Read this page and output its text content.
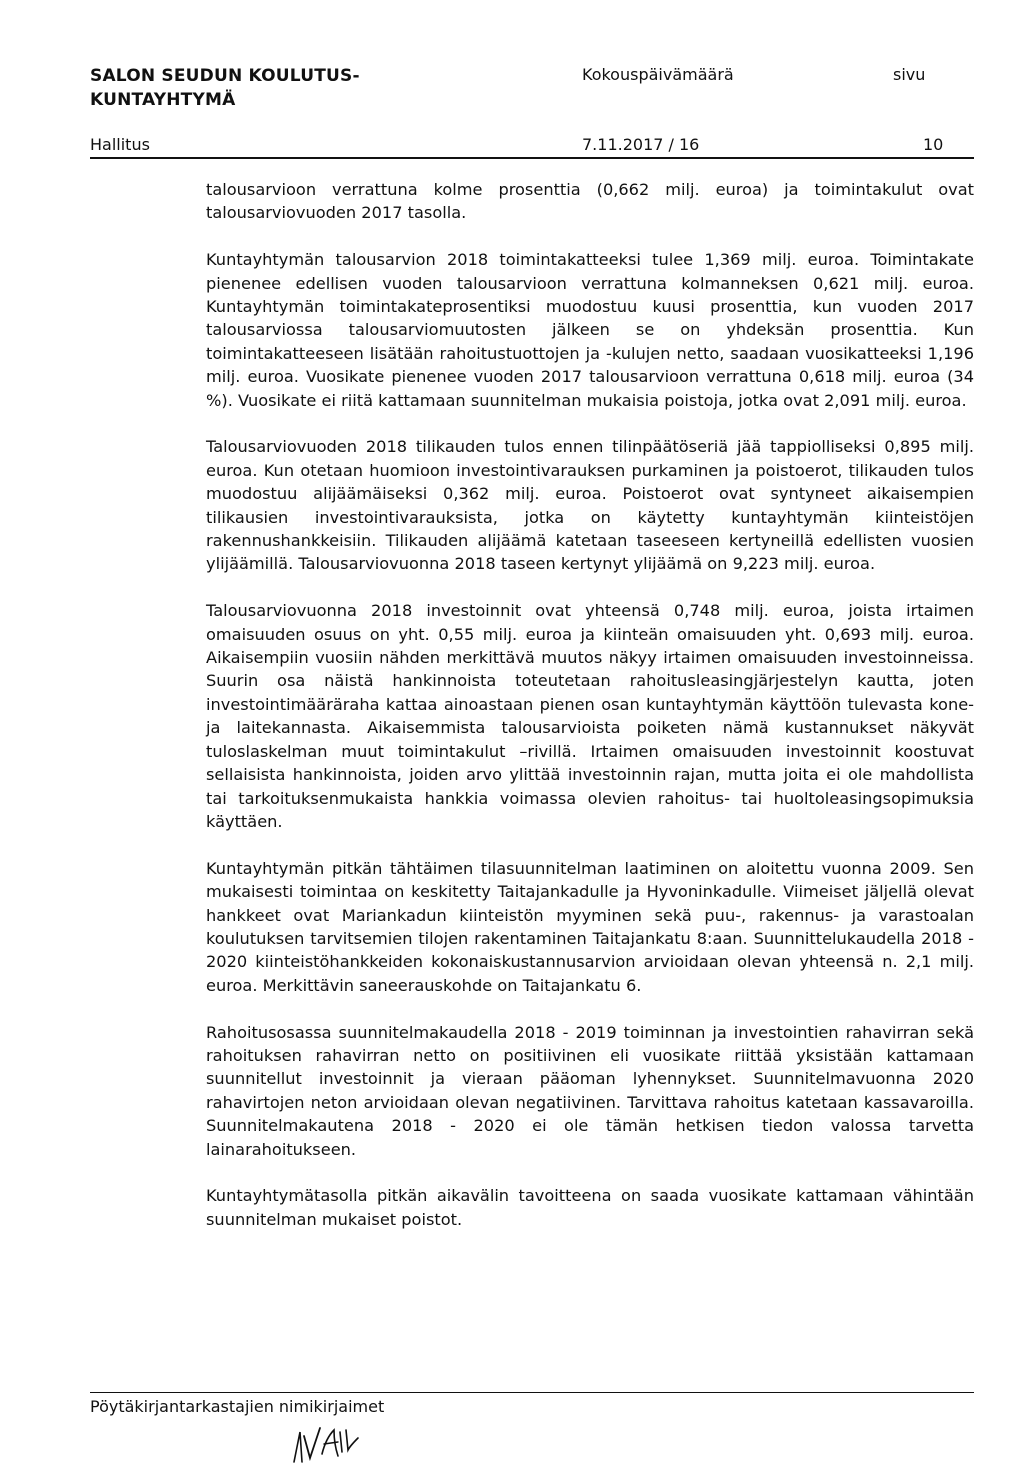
SALON SEUDUN KOULUTUS-
KUNTAYHTYMÄ
Kokouspäivämäärä	sivu
Hallitus	7.11.2017 / 16	10

talousarvioon verrattuna kolme prosenttia (0,662 milj. euroa) ja toimintakulut ovat talousarviovuoden 2017 tasolla.

Kuntayhtymän talousarvion 2018 toimintakatteeksi tulee 1,369 milj. euroa. Toimintakate pienenee edellisen vuoden talousarvioon verrattuna kolmanneksen 0,621 milj. euroa. Kuntayhtymän toimintakateprosentiksi muodostuu kuusi prosenttia, kun vuoden 2017 talousarviossa talousarviomuutosten jälkeen se on yhdeksän prosenttia. Kun toimintakatteeseen lisätään rahoitustuottojen ja -kulujen netto, saadaan vuosikatteeksi 1,196 milj. euroa. Vuosikate pienenee vuoden 2017 talousarvioon verrattuna 0,618 milj. euroa (34 %). Vuosikate ei riitä kattamaan suunnitelman mukaisia poistoja, jotka ovat 2,091 milj. euroa.

Talousarviovuoden 2018 tilikauden tulos ennen tilinpäätöseriä jää tappiolliseksi 0,895 milj. euroa. Kun otetaan huomioon investointivarauksen purkaminen ja poistoerot, tilikauden tulos muodostuu alijäämäiseksi 0,362 milj. euroa. Poistoerot ovat syntyneet aikaisempien tilikausien investointivarauksista, jotka on käytetty kuntayhtymän kiinteistöjen rakennushankkeisiin. Tilikauden alijäämä katetaan taseeseen kertyneillä edellisten vuosien ylijäämillä. Talousarviovuonna 2018 taseen kertynyt ylijäämä on 9,223 milj. euroa.

Talousarviovuonna 2018 investoinnit ovat yhteensä 0,748 milj. euroa, joista irtaimen omaisuuden osuus on yht. 0,55 milj. euroa ja kiinteän omaisuuden yht. 0,693 milj. euroa. Aikaisempiin vuosiin nähden merkittävä muutos näkyy irtaimen omaisuuden investoinneissa. Suurin osa näistä hankinnoista toteutetaan rahoitusleasingjärjestelyn kautta, joten investointimääräraha kattaa ainoastaan pienen osan kuntayhtymän käyttöön tulevasta kone- ja laitekannasta. Aikaisemmista talousarvioista poiketen nämä kustannukset näkyvät tuloslaskelman muut toimintakulut –rivillä. Irtaimen omaisuuden investoinnit koostuvat sellaisista hankinnoista, joiden arvo ylittää investoinnin rajan, mutta joita ei ole mahdollista tai tarkoituksenmukaista hankkia voimassa olevien rahoitus- tai huoltoleasingsopimuksia käyttäen.

Kuntayhtymän pitkän tähtäimen tilasuunnitelman laatiminen on aloitettu vuonna 2009. Sen mukaisesti toimintaa on keskitetty Taitajankadulle ja Hyvoninkadulle. Viimeiset jäljellä olevat hankkeet ovat Mariankadun kiinteistön myyminen sekä puu-, rakennus- ja varastoalan koulutuksen tarvitsemien tilojen rakentaminen Taitajankatu 8:aan. Suunnittelukaudella 2018 - 2020 kiinteistöhankkeiden kokonaiskustannusarvion arvioidaan olevan yhteensä n. 2,1 milj. euroa. Merkittävin saneerauskohde on Taitajankatu 6.

Rahoitusosassa suunnitelmakaudella 2018 - 2019 toiminnan ja investointien rahavirran sekä rahoituksen rahavirran netto on positiivinen eli vuosikate riittää yksistään kattamaan suunnitellut investoinnit ja vieraan pääoman lyhennykset. Suunnitelmavuonna 2020 rahavirtojen neton arvioidaan olevan negatiivinen. Tarvittava rahoitus katetaan kassavaroilla. Suunnitelmakautena 2018 - 2020 ei ole tämän hetkisen tiedon valossa tarvetta lainarahoitukseen.

Kuntayhtymätasolla pitkän aikavälin tavoitteena on saada vuosikate kattamaan vähintään suunnitelman mukaiset poistot.

Pöytäkirjantarkastajien nimikirjaimet
